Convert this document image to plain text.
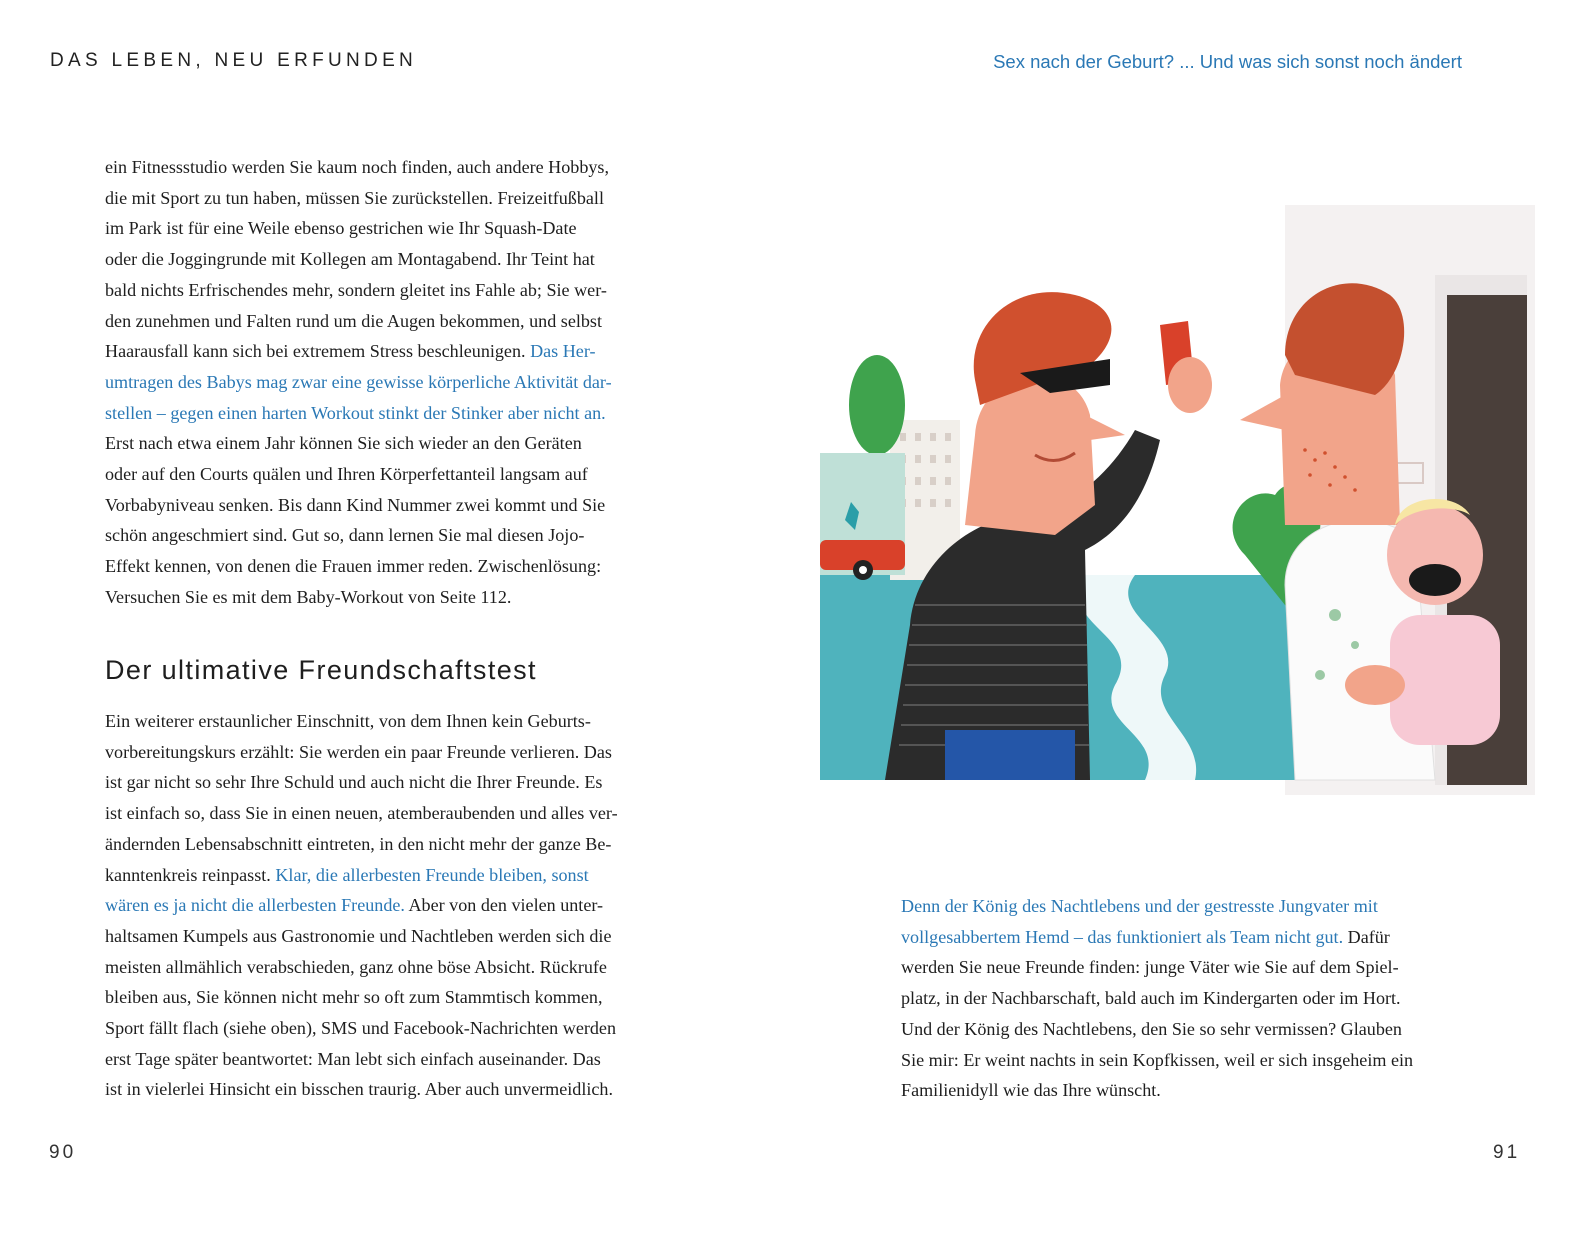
DAS LEBEN, NEU ERFUNDEN	Sex nach der Geburt? ... Und was sich sonst noch ändert
ein Fitnessstudio werden Sie kaum noch finden, auch andere Hobbys,
die mit Sport zu tun haben, müssen Sie zurückstellen. Freizeitfußball
im Park ist für eine Weile ebenso gestrichen wie Ihr Squash-Date
oder die Joggingrunde mit Kollegen am Montagabend. Ihr Teint hat
bald nichts Erfrischendes mehr, sondern gleitet ins Fahle ab; Sie wer-
den zunehmen und Falten rund um die Augen bekommen, und selbst
Haarausfall kann sich bei extremem Stress beschleunigen. Das Her-
umtragen des Babys mag zwar eine gewisse körperliche Aktivität dar-
stellen – gegen einen harten Workout stinkt der Stinker aber nicht an.
Erst nach etwa einem Jahr können Sie sich wieder an den Geräten
oder auf den Courts quälen und Ihren Körperfettanteil langsam auf
Vorbabyniveau senken. Bis dann Kind Nummer zwei kommt und Sie
schön angeschmiert sind. Gut so, dann lernen Sie mal diesen Jojo-
Effekt kennen, von denen die Frauen immer reden. Zwischenlösung:
Versuchen Sie es mit dem Baby-Workout von Seite 112.
Der ultimative Freundschaftstest
Ein weiterer erstaunlicher Einschnitt, von dem Ihnen kein Geburts-
vorbereitungskurs erzählt: Sie werden ein paar Freunde verlieren. Das
ist gar nicht so sehr Ihre Schuld und auch nicht die Ihrer Freunde. Es
ist einfach so, dass Sie in einen neuen, atemberaubenden und alles ver-
ändernden Lebensabschnitt eintreten, in den nicht mehr der ganze Be-
kanntenkreis reinpasst. Klar, die allerbesten Freunde bleiben, sonst
wären es ja nicht die allerbesten Freunde. Aber von den vielen unter-
haltsamen Kumpels aus Gastronomie und Nachtleben werden sich die
meisten allmählich verabschieden, ganz ohne böse Absicht. Rückrufe
bleiben aus, Sie können nicht mehr so oft zum Stammtisch kommen,
Sport fällt flach (siehe oben), SMS und Facebook-Nachrichten werden
erst Tage später beantwortet: Man lebt sich einfach auseinander. Das
ist in vielerlei Hinsicht ein bisschen traurig. Aber auch unvermeidlich.
90	91
Denn der König des Nachtlebens und der gestresste Jungvater mit
vollgesabbertem Hemd – das funktioniert als Team nicht gut. Dafür
werden Sie neue Freunde finden: junge Väter wie Sie auf dem Spiel-
platz, in der Nachbarschaft, bald auch im Kindergarten oder im Hort.
Und der König des Nachtlebens, den Sie so sehr vermissen? Glauben
Sie mir: Er weint nachts in sein Kopfkissen, weil er sich insgeheim ein
Familienidyll wie das Ihre wünscht.
